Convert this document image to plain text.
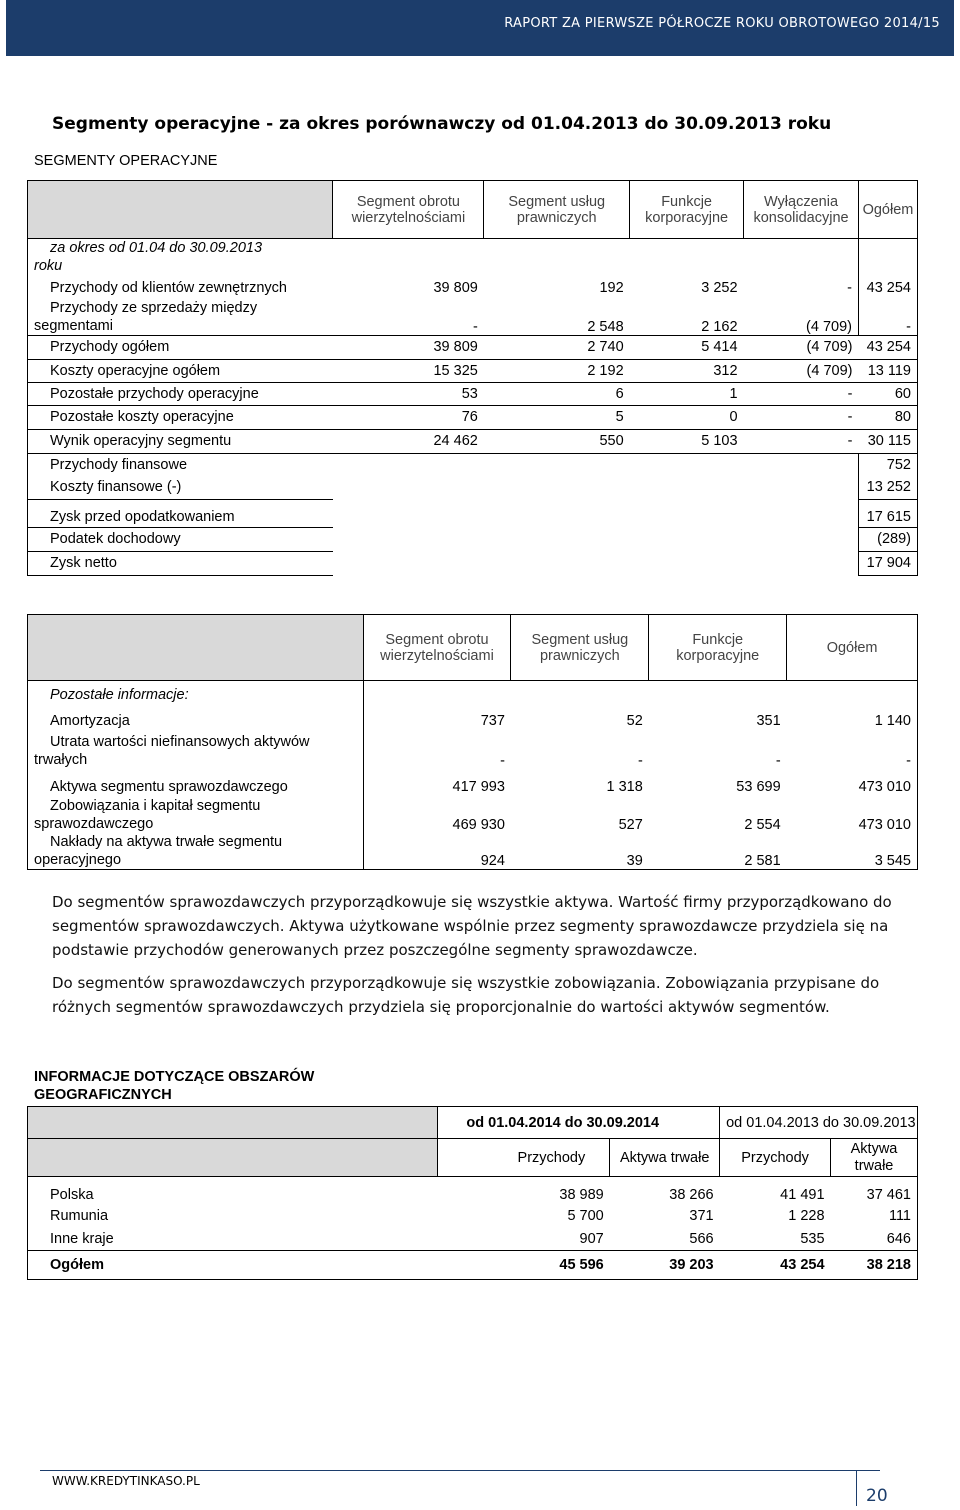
RAPORT ZA PIERWSZE PÓŁROCZE ROKU OBROTOWEGO 2014/15
Segmenty operacyjne - za okres porównawczy od 01.04.2013 do 30.09.2013 roku
SEGMENTY OPERACYJNE
	Segment obrotu wierzytelnościami	Segment usług prawniczych	Funkcje korporacyjne	Wyłączenia konsolidacyjne	Ogółem

za okres od 01.04 do 30.09.2013
roku					

Przychody od klientów zewnętrznych	39 809	192	3 252	-	43 254

Przychody ze sprzedaży między
segmentami	-	2 548	2 162	(4 709)	-
Przychody ogółem	39 809	2 740	5 414	(4 709)	43 254
Koszty operacyjne ogółem	15 325	2 192	312	(4 709)	13 119
Pozostałe przychody operacyjne	53	6	1	-	60
Pozostałe koszty operacyjne	76	5	0	-	80
Wynik operacyjny segmentu	24 462	550	5 103	-	30 115
Przychody finansowe					752
Koszty finansowe (-)					13 252
Zysk przed opodatkowaniem					17 615
Podatek dochodowy					(289)
Zysk netto					17 904
	Segment obrotu wierzytelnościami	Segment usług prawniczych	Funkcje korporacyjne	Ogółem
Pozostałe informacje:				
Amortyzacja	737	52	351	1 140

Utrata wartości niefinansowych aktywów
trwałych	-	-	-	-
Aktywa segmentu sprawozdawczego	417 993	1 318	53 699	473 010

Zobowiązania i kapitał segmentu
sprawozdawczego	469 930	527	2 554	473 010

Nakłady na aktywa trwałe segmentu
operacyjnego	924	39	2 581	3 545
Do segmentów sprawozdawczych przyporządkowuje się wszystkie aktywa. Wartość firmy przyporządkowano do segmentów sprawozdawczych. Aktywa użytkowane wspólnie przez segmenty sprawozdawcze przydziela się na podstawie przychodów generowanych przez poszczególne segmenty sprawozdawcze.
Do segmentów sprawozdawczych przyporządkowuje się wszystkie zobowiązania. Zobowiązania przypisane do różnych segmentów sprawozdawczych przydziela się proporcjonalnie do wartości aktywów segmentów.
INFORMACJE DOTYCZĄCE OBSZARÓW
GEOGRAFICZNYCH
	od 01.04.2014 do 30.09.2014		od 01.04.2013 do 30.09.2013	
	Przychody	Aktywa trwałe	Przychody	Aktywa
trwałe

Polska	38 989	38 266	41 491	37 461
Rumunia	5 700	371	1 228	111
Inne kraje	907	566	535	646
Ogółem	45 596	39 203	43 254	38 218
WWW.KREDYTINKASO.PL
20
